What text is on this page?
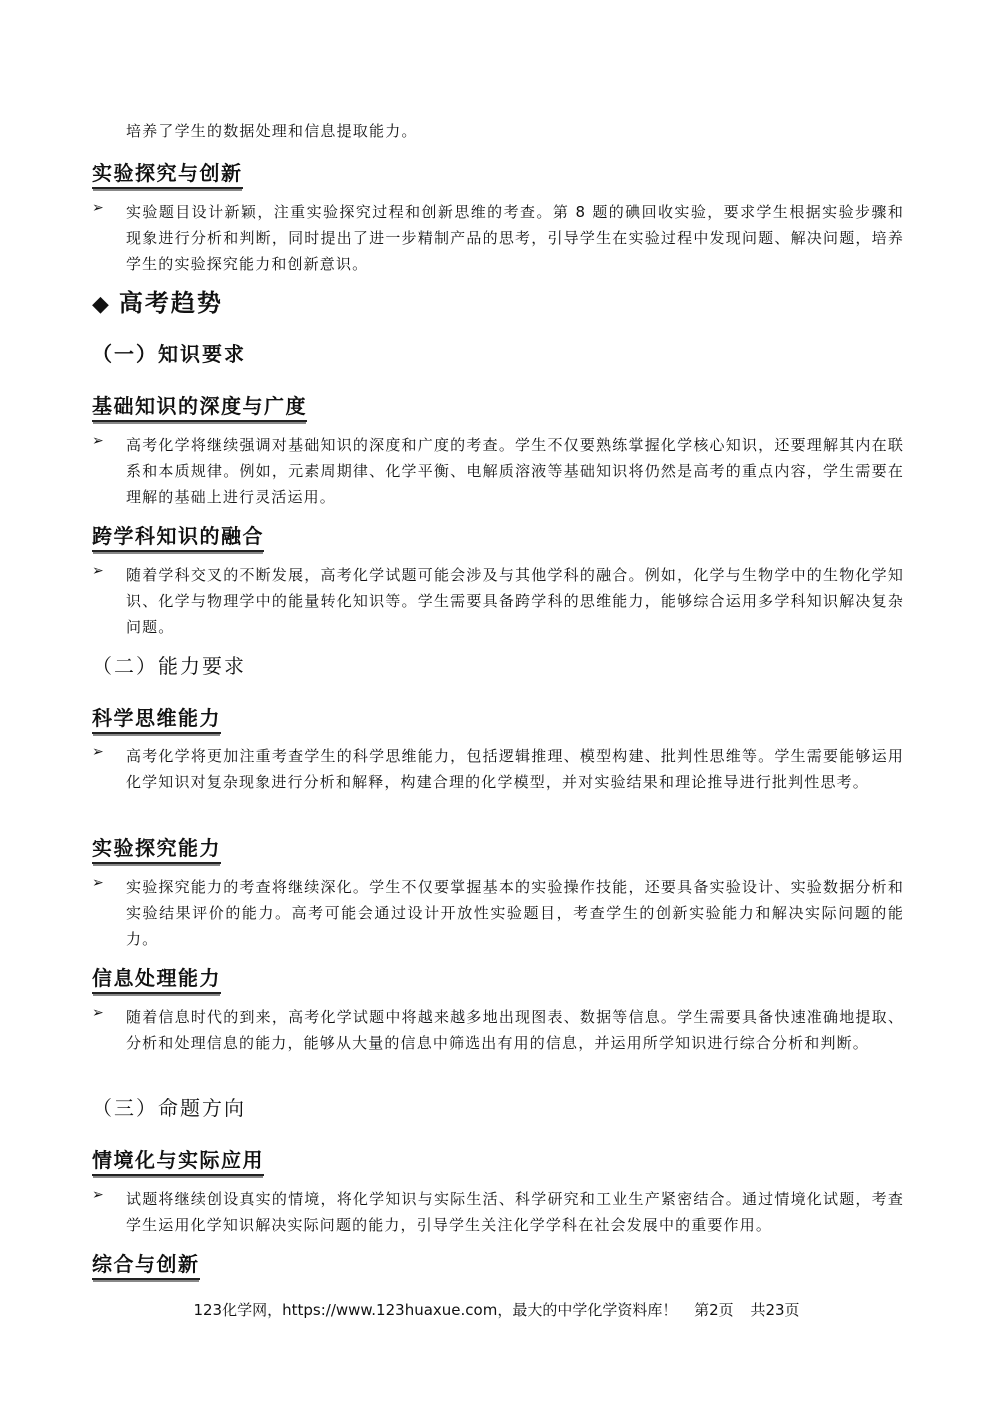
培养了学生的数据处理和信息提取能力。
实验探究与创新
➢ 实验题目设计新颖，注重实验探究过程和创新思维的考查。第 8 题的碘回收实验，要求学生根据实验步骤和现象进行分析和判断，同时提出了进一步精制产品的思考，引导学生在实验过程中发现问题、解决问题，培养学生的实验探究能力和创新意识。
◆ 高考趋势
（一）知识要求
基础知识的深度与广度
➢ 高考化学将继续强调对基础知识的深度和广度的考查。学生不仅要熟练掌握化学核心知识，还要理解其内在联系和本质规律。例如，元素周期律、化学平衡、电解质溶液等基础知识将仍然是高考的重点内容，学生需要在理解的基础上进行灵活运用。
跨学科知识的融合
➢ 随着学科交叉的不断发展，高考化学试题可能会涉及与其他学科的融合。例如，化学与生物学中的生物化学知识、化学与物理学中的能量转化知识等。学生需要具备跨学科的思维能力，能够综合运用多学科知识解决复杂问题。
（二）能力要求
科学思维能力
➢ 高考化学将更加注重考查学生的科学思维能力，包括逻辑推理、模型构建、批判性思维等。学生需要能够运用化学知识对复杂现象进行分析和解释，构建合理的化学模型，并对实验结果和理论推导进行批判性思考。
实验探究能力
➢ 实验探究能力的考查将继续深化。学生不仅要掌握基本的实验操作技能，还要具备实验设计、实验数据分析和实验结果评价的能力。高考可能会通过设计开放性实验题目，考查学生的创新实验能力和解决实际问题的能力。
信息处理能力
➢ 随着信息时代的到来，高考化学试题中将越来越多地出现图表、数据等信息。学生需要具备快速准确地提取、分析和处理信息的能力，能够从大量的信息中筛选出有用的信息，并运用所学知识进行综合分析和判断。
（三）命题方向
情境化与实际应用
➢ 试题将继续创设真实的情境，将化学知识与实际生活、科学研究和工业生产紧密结合。通过情境化试题，考查学生运用化学知识解决实际问题的能力，引导学生关注化学学科在社会发展中的重要作用。
综合与创新
123化学网，https://www.123huaxue.com，最大的中学化学资料库！ 第2页 共23页
